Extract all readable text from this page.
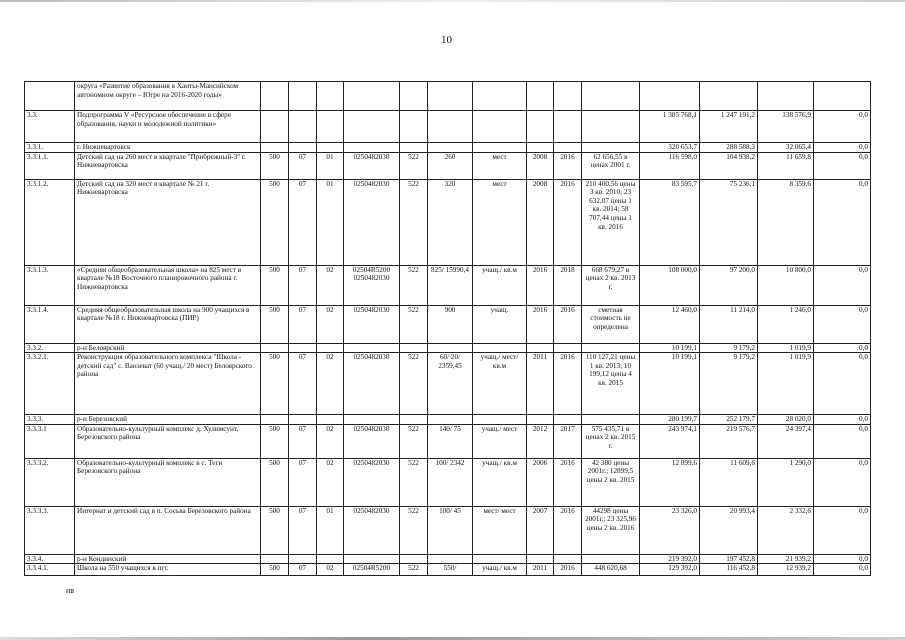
10
	округа «Развитие образования в Ханты-Мансийском автономном округе – Югре на 2016-2020 годы»														
3.3.	Подпрограмма V «Ресурсное обеспечение в сфере образования, науки и молодежной политики»											1 385 768,1	1 247 191,2	138 576,9	0,0
3.3.1.	г. Нижневартовск											320 653,7	288 588,3	32 065,4	0,0
3.3.1.1.	Детский сад на 260 мест в квартале "Прибрежный-3" г. Нижневартовска	500	07	01	0250482030	522	260	мест	2008	2016	62 656,55 в ценах 2001 г.	116 598,0	104 938,2	11 659,8	0,0
3.3.1.2.	Детский сад на 320 мест в квартале № 21 г. Нижневартовска	500	07	01	0250482030	522	320	мест	2008	2016	210 400,56 цены 3 кв. 2010; 23 632,07 цены 1 кв. 2014; 58 707,44 цены 1 кв. 2016	83 595,7	75 236,1	8 359,6	0,0
3.3.1.3.	«Средняя общеобразовательная школа» на 825 мест в квартале №18 Восточного планировочного района г. Нижневартовска	500	07	02	02504R5200 0250482030	522	825/ 15990,4	учащ./ кв.м	2016	2018	668 679,27 в ценах 2 кв. 2013 г.	108 000,0	97 200,0	10 800,0	0,0
3.3.1.4.	Средняя общеобразовательная школа на 900 учащихся в квартале №18 г. Нижневартовска (ПИР)	500	07	02	0250482030	522	900	учащ.	2016	2016	сметная стоимость не определена	12 460,0	11 214,0	1 246,0	0,0
3.3.2.	р-н Белоярский											10 199,1	9 179,2	1 019,9	0,0
3.3.2.1.	Реконструкция образовательного комплекса "Школа - детский сад" с. Ванзеват (60 учащ./ 20 мест) Белоярского района	500	07	02	0250482030	522	60/ 20/ 2359,45	учащ./ мест/ кв.м	2011	2016	110 127,21 цены 1 кв. 2013; 10 199,12 цены 4 кв. 2015	10 199,1	9 179,2	1 019,9	0,0
3.3.3.	р-н Березовский											280 199,7	252 179,7	28 020,0	0,0
3.3.3.1	Образовательно-культурный комплекс д. Хулимсунт, Березовского района	500	07	02	0250482030	522	140/ 75	учащ./ мест	2012	2017	575 435,71 в ценах 2 кв. 2015 г.	243 974,1	219 576,7	24 397,4	0,0
3.3.3.2.	Образовательно-культурный комплекс в с. Теги Березовского района	500	07	02	0250482030	522	100/ 2342	учащ./ кв.м	2006	2016	42 380 цены 2001г.; 12899,5 цены 2 кв. 2015	12 899,6	11 609,6	1 290,0	0,0
3.3.3.3.	Интернат и детский сад в п. Сосьва Березовского района	500	07	01	0250482030	522	100/ 45	мест/ мест	2007	2016	44298 цены 2001г.; 23 325,96 цены 2 кв. 2016	23 326,0	20 993,4	2 332,6	0,0
3.3.4.	р-н Кондинский											219 392,0	197 452,8	21 939,2	0,0
3.3.4.1.	Школа на 550 учащихся в пгт.	500	07	02	02504R5200	522	550/	учащ./ кв.м	2011	2016	448 620,68	129 392,0	116 452,8	12 939,2	0,0
нв
